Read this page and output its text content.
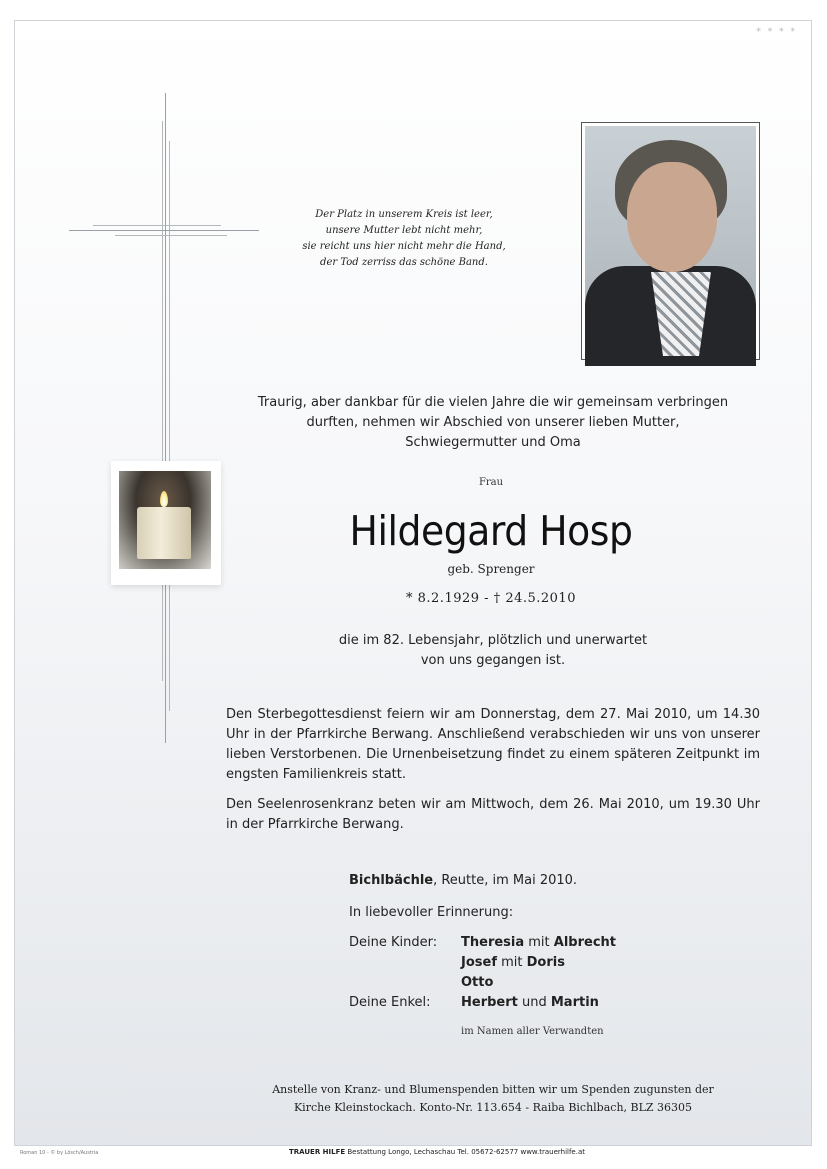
* * * *
Der Platz in unserem Kreis ist leer,
unsere Mutter lebt nicht mehr,
sie reicht uns hier nicht mehr die Hand,
der Tod zerriss das schöne Band.
Traurig, aber dankbar für die vielen Jahre die wir gemeinsam verbringen
durften, nehmen wir Abschied von unserer lieben Mutter,
Schwiegermutter und Oma
Frau
Hildegard Hosp
geb. Sprenger
* 8.2.1929 - † 24.5.2010
die im 82. Lebensjahr, plötzlich und unerwartet
von uns gegangen ist.

Den Sterbegottesdienst feiern wir am Donnerstag, dem 27. Mai 2010, um 14.30 Uhr in der Pfarrkirche Berwang. Anschließend verabschieden wir uns von unserer lieben Verstorbenen. Die Urnenbeisetzung findet zu einem späteren Zeitpunkt im engsten Familienkreis statt.

Den Seelenrosenkranz beten wir am Mittwoch, dem 26. Mai 2010, um 19.30 Uhr in der Pfarrkirche Berwang.

Bichlbächle, Reutte, im Mai 2010.
In liebevoller Erinnerung:
Deine Kinder: Theresia mit Albrecht
Josef mit Doris
Otto
Deine Enkel: Herbert und Martin
im Namen aller Verwandten
Anstelle von Kranz- und Blumenspenden bitten wir um Spenden zugunsten der
Kirche Kleinstockach. Konto-Nr. 113.654 - Raiba Bichlbach, BLZ 36305
TRAUER HILFE Bestattung Longo, Lechaschau Tel. 05672-62577 www.trauerhilfe.at
Roman 10 - © by Lösch/Austria
